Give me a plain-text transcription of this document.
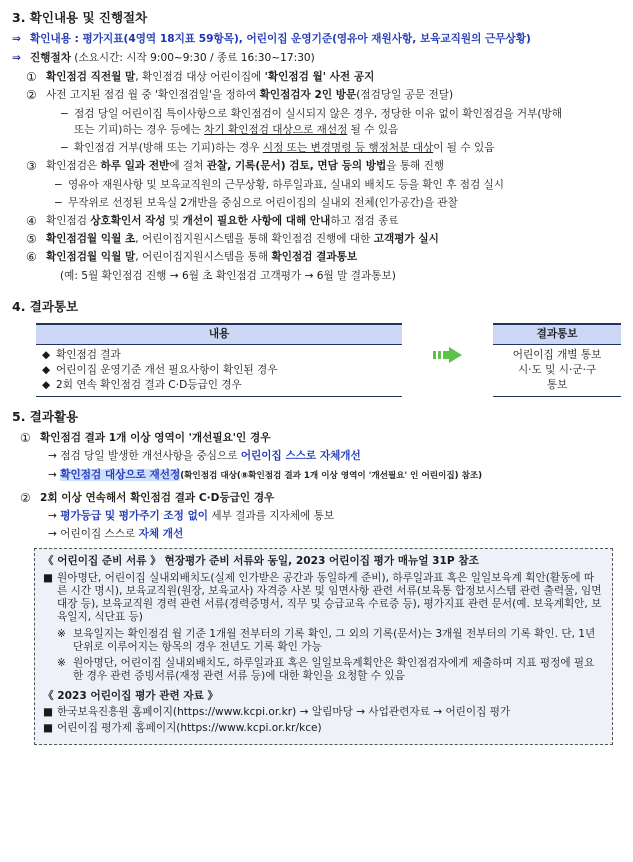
3. 확인내용 및 진행절차
⇒ 확인내용 : 평가지표(4영역 18지표 59항목), 어린이집 운영기준(영유아 재원사항, 보육교직원의 근무상황)
⇒ 진행절차 (소요시간: 시작 9:00~9:30 / 종료 16:30~17:30)
① 확인점검 직전월 말, 확인점검 대상 어린이집에 '확인점검 월' 사전 공지
② 사전 고지된 점검 월 중 '확인점검일'을 정하여 확인점검자 2인 방문(점검당일 공문 전달)
− 점검 당일 어린이집 특이사항으로 확인점검이 실시되지 않은 경우, 정당한 이유 없이 확인점검을 거부(방해
또는 기피)하는 경우 등에는 차기 확인점검 대상으로 재선정 될 수 있음
− 확인점검 거부(방해 또는 기피)하는 경우 시정 또는 변경명령 등 행정처분 대상이 될 수 있음
③ 확인점검은 하루 일과 전반에 걸쳐 관찰, 기록(문서) 검토, 면담 등의 방법을 통해 진행
− 영유아 재원사항 및 보육교직원의 근무상황, 하루일과표, 실내외 배치도 등을 확인 후 점검 실시
− 무작위로 선정된 보육실 2개반을 중심으로 어린이집의 실내외 전체(인가공간)을 관찰
④ 확인점검 상호확인서 작성 및 개선이 필요한 사항에 대해 안내하고 점검 종료
⑤ 확인점검월 익월 초, 어린이집지원시스템을 통해 확인점검 진행에 대한 고객평가 실시
⑥ 확인점검월 익월 말, 어린이집지원시스템을 통해 확인점검 결과통보
(예: 5월 확인점검 진행 → 6월 초 확인점검 고객평가 → 6월 말 결과통보)
4. 결과통보
내용
◆ 확인점검 결과
◆ 어린이집 운영기준 개선 필요사항이 확인된 경우
◆ 2회 연속 확인점검 결과 C·D등급인 경우
결과통보
어린이집 개별 통보
시·도 및 시·군·구
통보
5. 결과활용
① 확인점검 결과 1개 이상 영역이 '개선필요'인 경우
→ 점검 당일 발생한 개선사항을 중심으로 어린이집 스스로 자체개선
→ 확인점검 대상으로 재선정(확인점검 대상(⑧확인점검 결과 1개 이상 영역이 '개선필요' 인 어린이집) 참조)
② 2회 이상 연속해서 확인점검 결과 C·D등급인 경우
→ 평가등급 및 평가주기 조정 없이 세부 결과를 지자체에 통보
→ 어린이집 스스로 자체 개선
《 어린이집 준비 서류 》 현장평가 준비 서류와 동일, 2023 어린이집 평가 매뉴얼 31P 참조
■ 원아명단, 어린이집 실내외배치도(실제 인가받은 공간과 동일하게 준비), 하루일과표 혹은 일일보육계 획안(활동에 따른 시간 명시), 보육교직원(원장, 보육교사) 자격증 사본 및 임면사항 관련 서류(보육통 합정보시스템 관련 출력물, 임면대장 등), 보육교직원 경력 관련 서류(경력증명서, 직무 및 승급교육 수료증 등), 평가지표 관련 문서(예. 보육계획안, 보육일지, 식단표 등)
※ 보육일지는 확인점검 월 기준 1개월 전부터의 기록 확인, 그 외의 기록(문서)는 3개월 전부터의 기록 확인. 단, 1년 단위로 이루어지는 항목의 경우 전년도 기록 확인 가능
※ 원아명단, 어린이집 실내외배치도, 하루일과표 혹은 일일보육계획안은 확인점검자에게 제출하며 지표 평정에 필요한 경우 관련 증빙서류(재정 관련 서류 등)에 대한 확인을 요청할 수 있음
《 2023 어린이집 평가 관련 자료 》
■ 한국보육진흥원 홈페이지(https://www.kcpi.or.kr) → 알림마당 → 사업관련자료 → 어린이집 평가
■ 어린이집 평가제 홈페이지(https://www.kcpi.or.kr/kce)
